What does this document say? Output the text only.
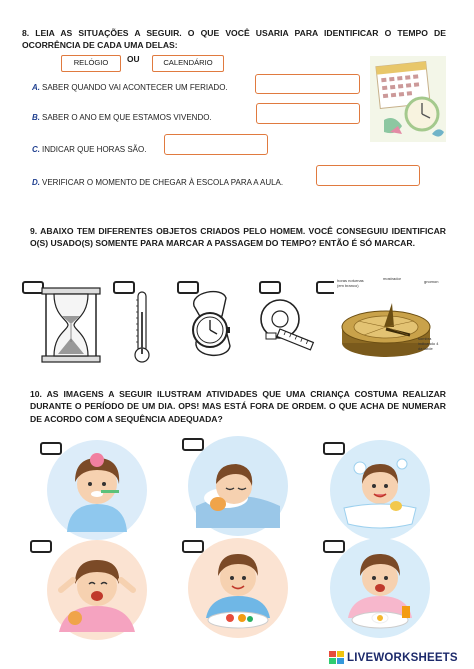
8. LEIA AS SITUAÇÕES A SEGUIR. O QUE VOCÊ USARIA PARA IDENTIFICAR O TEMPO DE OCORRÊNCIA DE CADA UMA DELAS:
RELÓGIO	OU	CALENDÁRIO
A. SABER QUANDO VAI ACONTECER UM FERIADO.
B. SABER O ANO EM QUE ESTAMOS VIVENDO.
C. INDICAR QUE HORAS SÃO.
D. VERIFICAR O MOMENTO DE CHEGAR À ESCOLA PARA A AULA.
9. ABAIXO TEM DIFERENTES OBJETOS CRIADOS PELO HOMEM. VOCÊ CONSEGUIU IDENTIFICAR O(S) USADO(S) SOMENTE PARA MARCAR A PASSAGEM DO TEMPO? ENTÃO É SÓ MARCAR.
horas noturnas (em branco)
mostrador
gnomon
sombra indicando 4 da tarde
10. AS IMAGENS A SEGUIR ILUSTRAM ATIVIDADES QUE UMA CRIANÇA COSTUMA REALIZAR DURANTE O PERÍODO DE UM DIA. OPS! MAS ESTÁ FORA DE ORDEM. O QUE ACHA DE NUMERAR DE ACORDO COM A SEQUÊNCIA ADEQUADA?
LIVEWORKSHEETS
